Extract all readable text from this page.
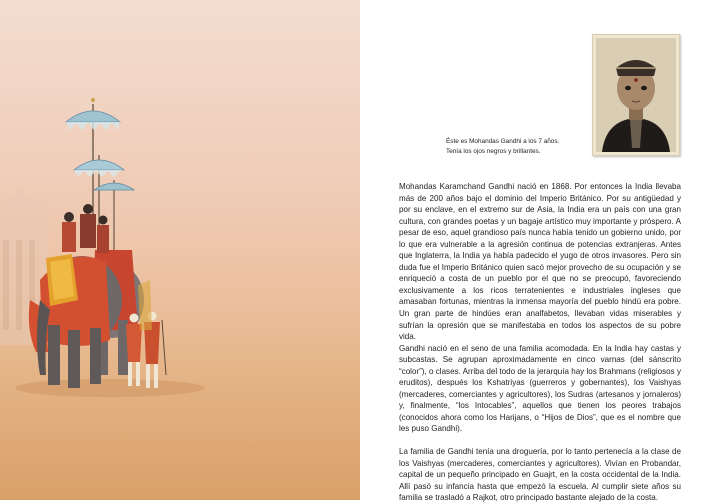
Éste es Mohandas Gandhi a los 7 años.
Tenía los ojos negros y brillantes.

Mohandas Karamchand Gandhi nació en 1868. Por entonces la India llevaba más de 200 años bajo el dominio del Imperio Británico. Por su antigüedad y por su enclave, en el extremo sur de Asia, la India era un país con una gran cultura, con grandes poetas y un bagaje artístico muy importante y próspero. A pesar de eso, aquel grandioso país nunca había tenido un gobierno unido, por lo que era vulnerable a la agresión continua de potencias extranjeras. Antes que Inglaterra, la India ya había padecido el yugo de otros invasores. Pero sin duda fue el Imperio Británico quien sacó mejor provecho de su ocupación y se enriqueció a costa de un pueblo por el que no se preocupó, favoreciendo exclusivamente a los ricos terratenientes e industriales ingleses que amasaban fortunas, mientras la inmensa mayoría del pueblo hindú era pobre. Un gran parte de hindúes eran analfabetos, llevaban vidas miserables y sufrían la opresión que se manifestaba en todos los aspectos de su pobre vida.

Gandhi nació en el seno de una familia acomodada. En la India hay castas y subcastas. Se agrupan aproximadamente en cinco varnas (del sánscrito “color”), o clases. Arriba del todo de la jerarquía hay los Brahmans (religiosos y eruditos), después los Kshatriyas (guerreros y gobernantes), los Vaishyas (mercaderes, comerciantes y agricultores), los Sudras (artesanos y jornaleros) y, finalmente, “los Intocables”, aquellos que tienen los peores trabajos (conocidos ahora como los Harijans, o “Hijos de Dios”, que es el nombre que les puso Gandhi).

La familia de Gandhi tenía una droguería, por lo tanto pertenecía a la clase de los Vaishyas (mercaderes, comerciantes y agricultores). Vivían en Probandar, capital de un pequeño principado en Guajrt, en la costa occidental de la India. Allí pasó su infancia hasta que empezó la escuela. Al cumplir siete años su familia se trasladó a Rajkot, otro principado bastante alejado de la costa.
